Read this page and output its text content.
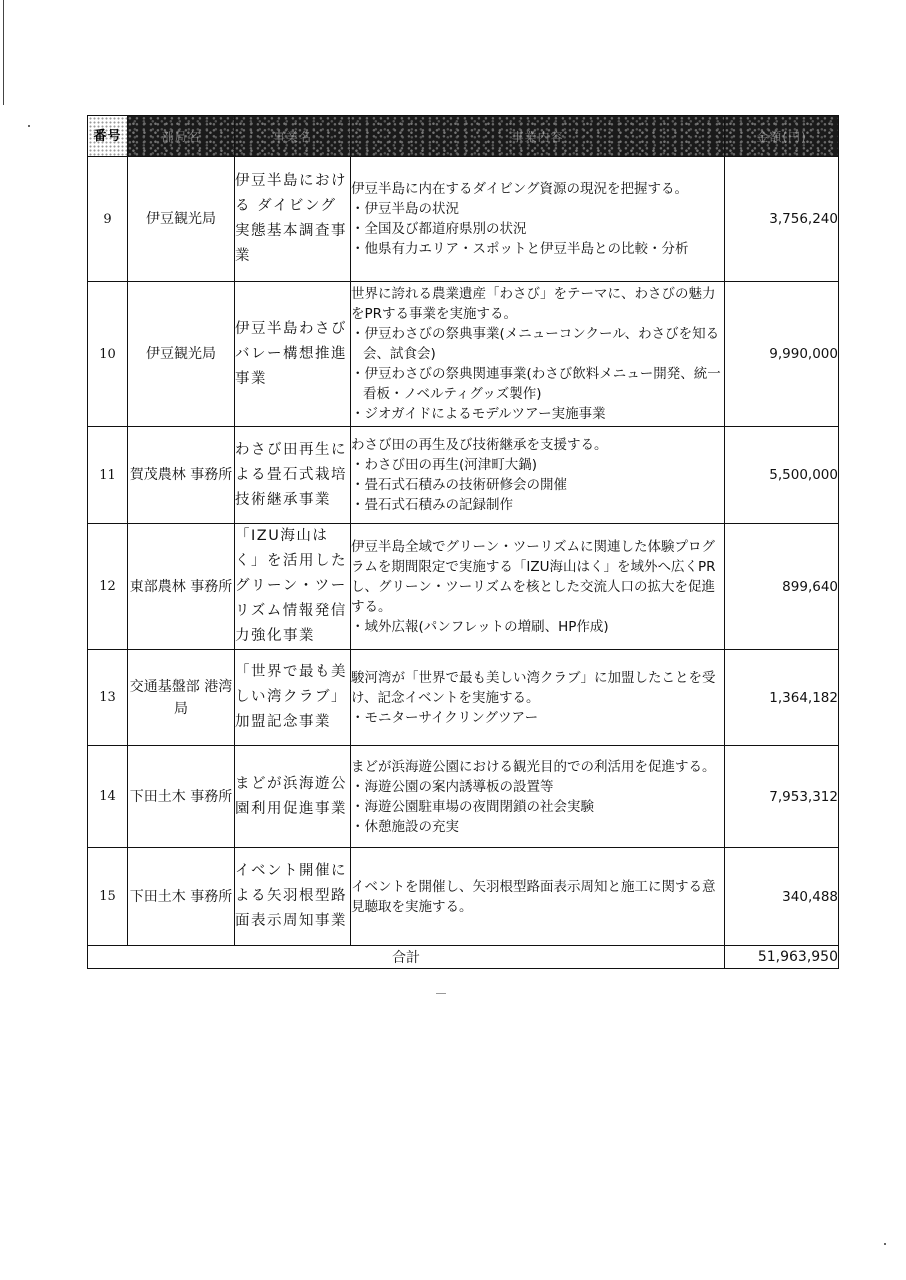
番号	部局名	事業名	事業内容	金額(円)
9	伊豆観光局	伊豆半島における ダイビング実態基本調査事業	伊豆半島に内在するダイビング資源の現況を把握する。
・伊豆半島の状況
・全国及び都道府県別の状況
・他県有力エリア・スポットと伊豆半島との比較・分析	3,756,240
10	伊豆観光局	伊豆半島わさびバレー構想推進事業	世界に誇れる農業遺産「わさび」をテーマに、わさびの魅力をPRする事業を実施する。
・伊豆わさびの祭典事業(メニューコンクール、わさびを知る会、試食会)
・伊豆わさびの祭典関連事業(わさび飲料メニュー開発、統一看板・ノベルティグッズ製作)
・ジオガイドによるモデルツアー実施事業	9,990,000
11	賀茂農林 事務所	わさび田再生による畳石式栽培技術継承事業	わさび田の再生及び技術継承を支援する。
・わさび田の再生(河津町大鍋)
・畳石式石積みの技術研修会の開催
・畳石式石積みの記録制作	5,500,000
12	東部農林 事務所	「IZU海山はく」を活用したグリーン・ツーリズム情報発信力強化事業	伊豆半島全域でグリーン・ツーリズムに関連した体験プログラムを期間限定で実施する「IZU海山はく」を域外へ広くPRし、グリーン・ツーリズムを核とした交流人口の拡大を促進する。
・域外広報(パンフレットの増刷、HP作成)	899,640
13	交通基盤部 港湾局	「世界で最も美しい湾クラブ」加盟記念事業	駿河湾が「世界で最も美しい湾クラブ」に加盟したことを受け、記念イベントを実施する。
・モニターサイクリングツアー	1,364,182
14	下田土木 事務所	まどが浜海遊公園利用促進事業	まどが浜海遊公園における観光目的での利活用を促進する。
・海遊公園の案内誘導板の設置等
・海遊公園駐車場の夜間閉鎖の社会実験
・休憩施設の充実	7,953,312
15	下田土木 事務所	イベント開催による矢羽根型路面表示周知事業	イベントを開催し、矢羽根型路面表示周知と施工に関する意見聴取を実施する。	340,488
合計				51,963,950
